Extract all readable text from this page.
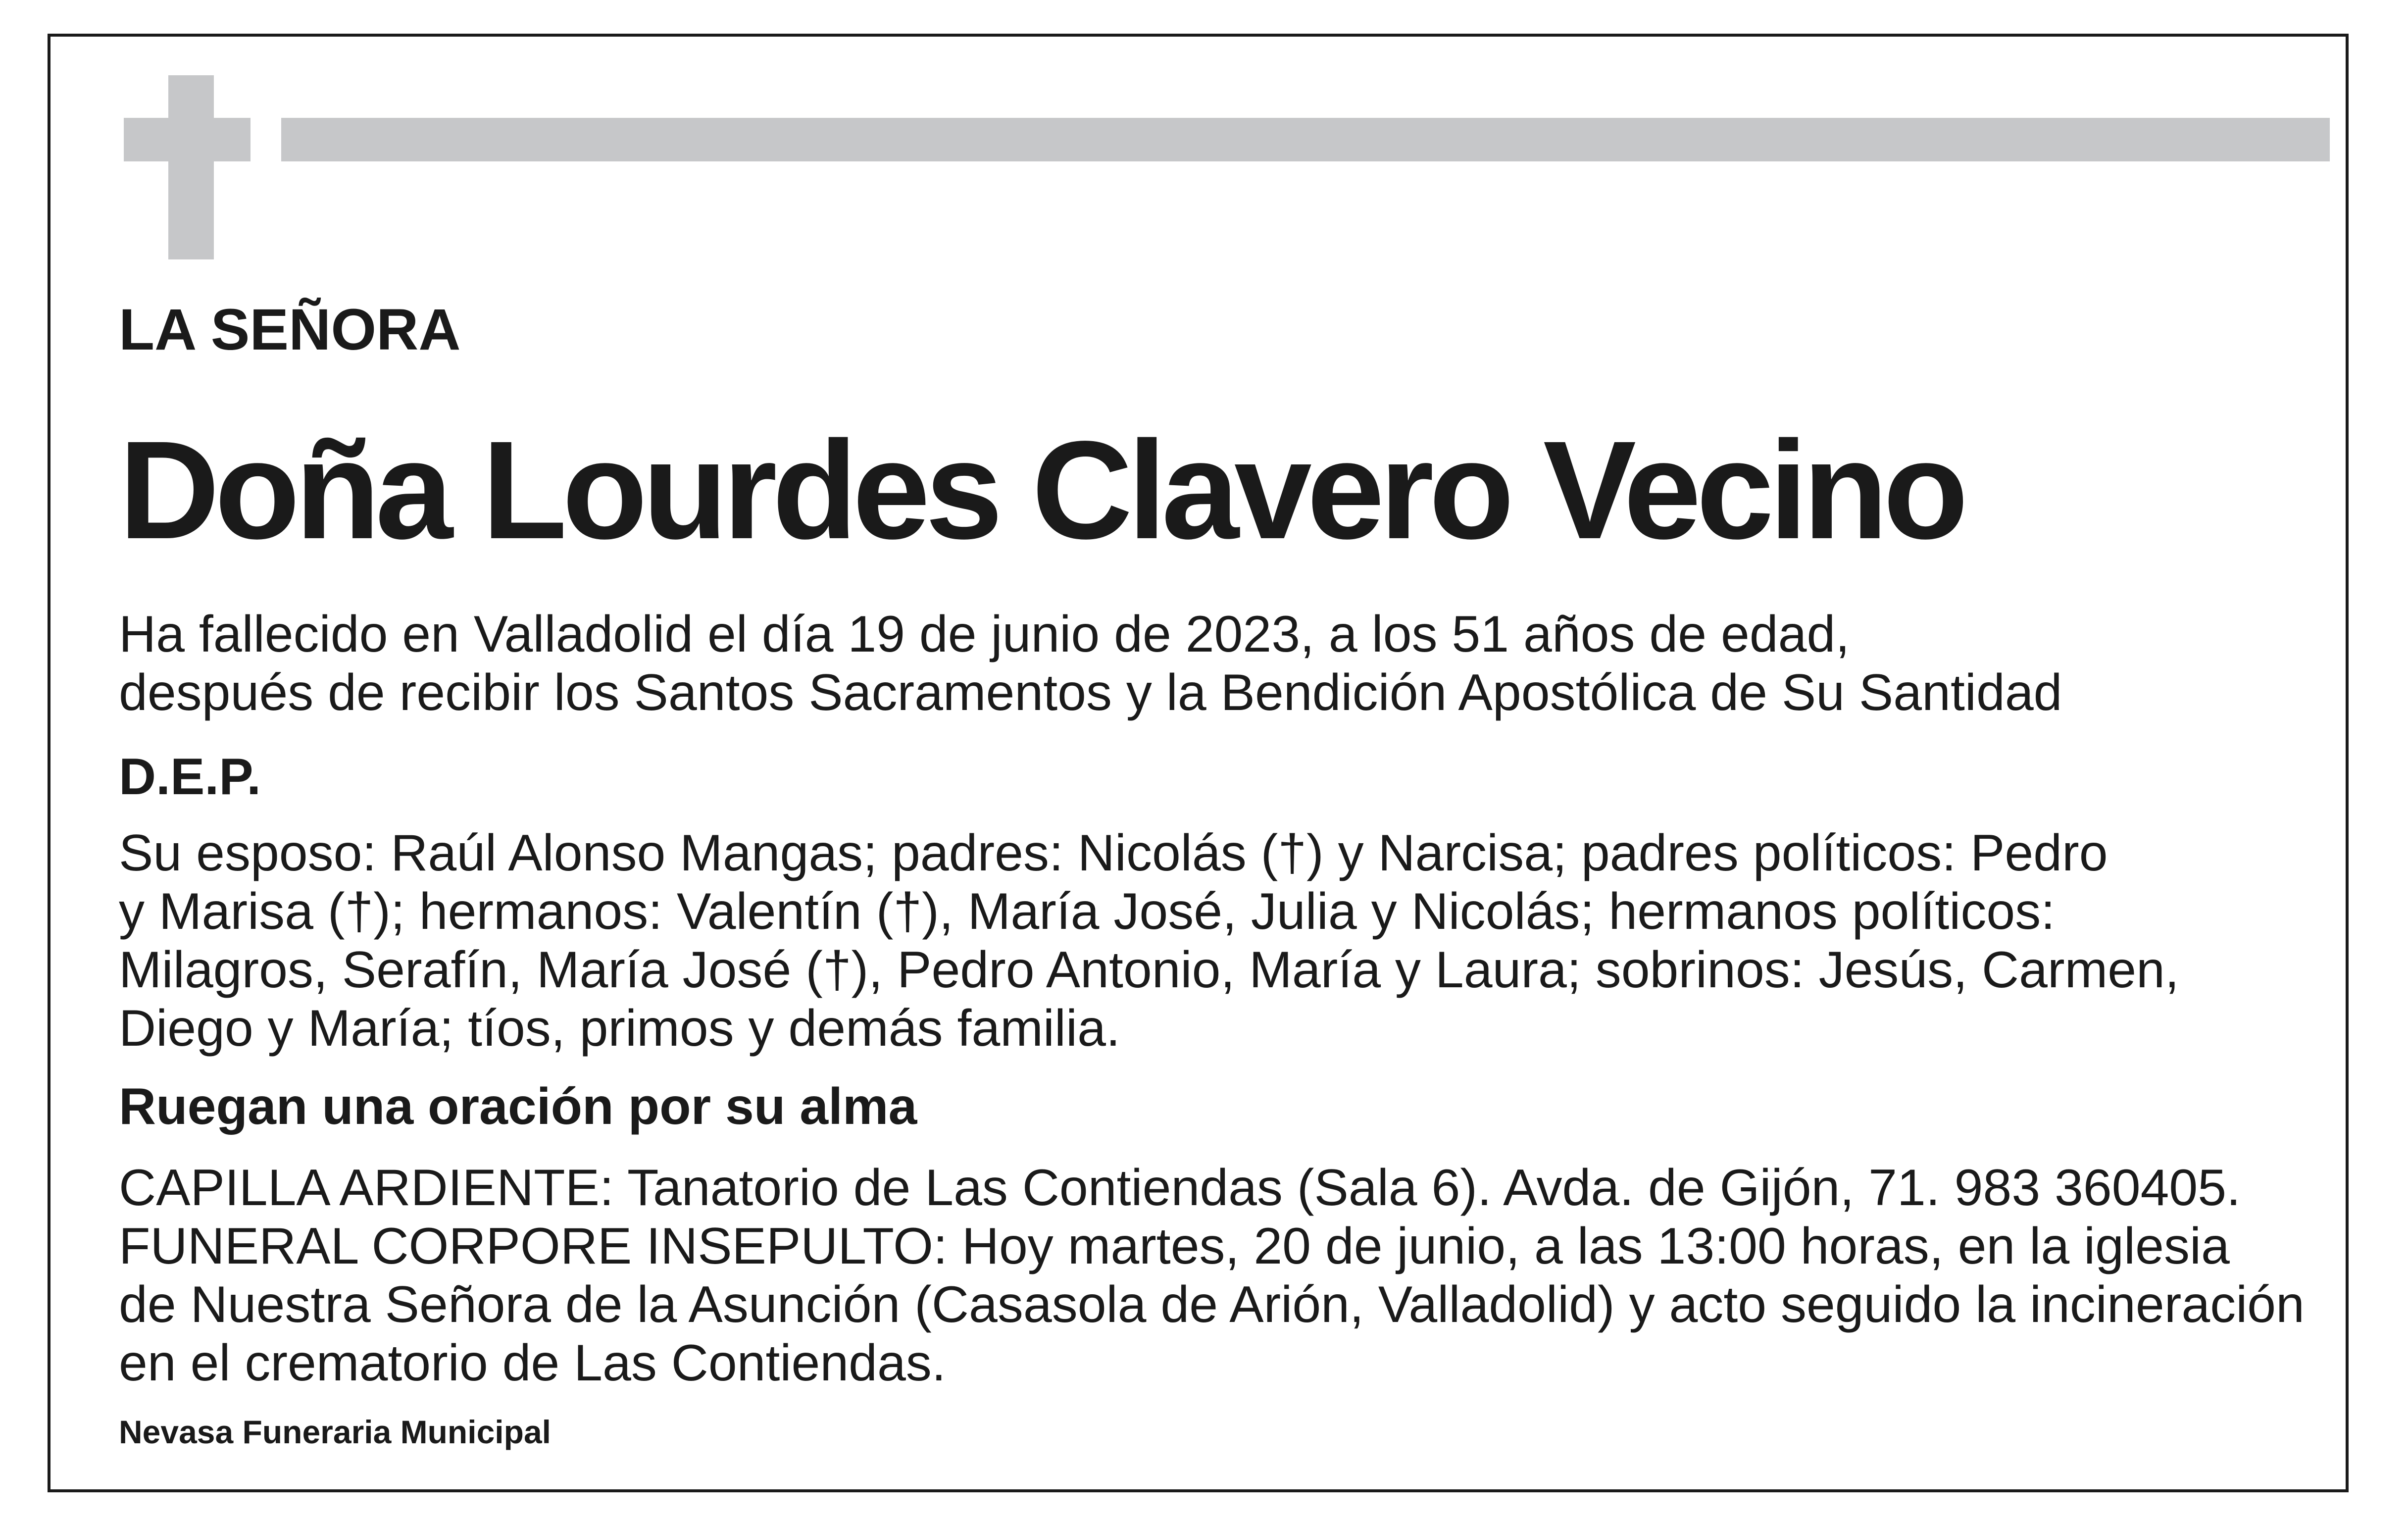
LA SEÑORA

Doña Lourdes Clavero Vecino
Ha fallecido en Valladolid el día 19 de junio de 2023, a los 51 años de edad,
después de recibir los Santos Sacramentos y la Bendición Apostólica de Su Santidad

D.E.P.

Su esposo: Raúl Alonso Mangas; padres: Nicolás (†) y Narcisa; padres políticos: Pedro
y Marisa (†); hermanos: Valentín (†), María José, Julia y Nicolás; hermanos políticos:
Milagros, Serafín, María José (†), Pedro Antonio, María y Laura; sobrinos: Jesús, Carmen,
Diego y María; tíos, primos y demás familia.

Ruegan una oración por su alma

CAPILLA ARDIENTE: Tanatorio de Las Contiendas (Sala 6). Avda. de Gijón, 71. 983 360405.
FUNERAL CORPORE INSEPULTO: Hoy martes, 20 de junio, a las 13:00 horas, en la iglesia
de Nuestra Señora de la Asunción (Casasola de Arión, Valladolid) y acto seguido la incineración
en el crematorio de Las Contiendas.

Nevasa Funeraria Municipal
